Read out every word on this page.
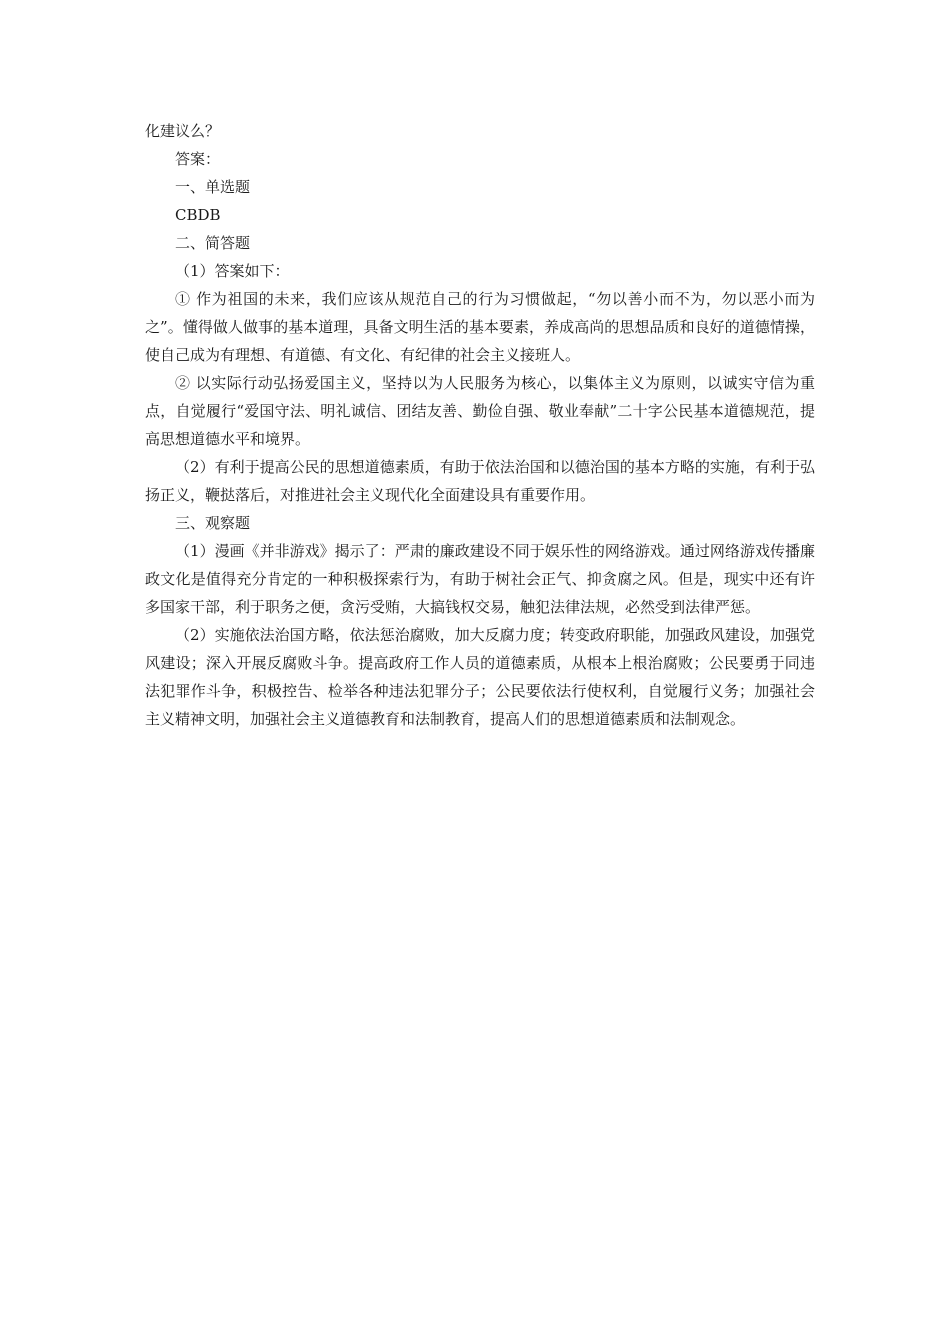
化建议么？

答案：

一、单选题

CBDB

二、简答题

（1）答案如下：

① 作为祖国的未来，我们应该从规范自己的行为习惯做起，“勿以善小而不为，勿以恶小而为之”。懂得做人做事的基本道理，具备文明生活的基本要素，养成高尚的思想品质和良好的道德情操，使自己成为有理想、有道德、有文化、有纪律的社会主义接班人。

② 以实际行动弘扬爱国主义，坚持以为人民服务为核心，以集体主义为原则，以诚实守信为重点，自觉履行“爱国守法、明礼诚信、团结友善、勤俭自强、敬业奉献”二十字公民基本道德规范，提高思想道德水平和境界。

（2）有利于提高公民的思想道德素质，有助于依法治国和以德治国的基本方略的实施，有利于弘扬正义，鞭挞落后，对推进社会主义现代化全面建设具有重要作用。

三、观察题

（1）漫画《并非游戏》揭示了：严肃的廉政建设不同于娱乐性的网络游戏。通过网络游戏传播廉政文化是值得充分肯定的一种积极探索行为，有助于树社会正气、抑贪腐之风。但是，现实中还有许多国家干部，利于职务之便，贪污受贿，大搞钱权交易，触犯法律法规，必然受到法律严惩。

（2）实施依法治国方略，依法惩治腐败，加大反腐力度；转变政府职能，加强政风建设，加强党风建设；深入开展反腐败斗争。提高政府工作人员的道德素质，从根本上根治腐败；公民要勇于同违法犯罪作斗争，积极控告、检举各种违法犯罪分子；公民要依法行使权利，自觉履行义务；加强社会主义精神文明，加强社会主义道德教育和法制教育，提高人们的思想道德素质和法制观念。
